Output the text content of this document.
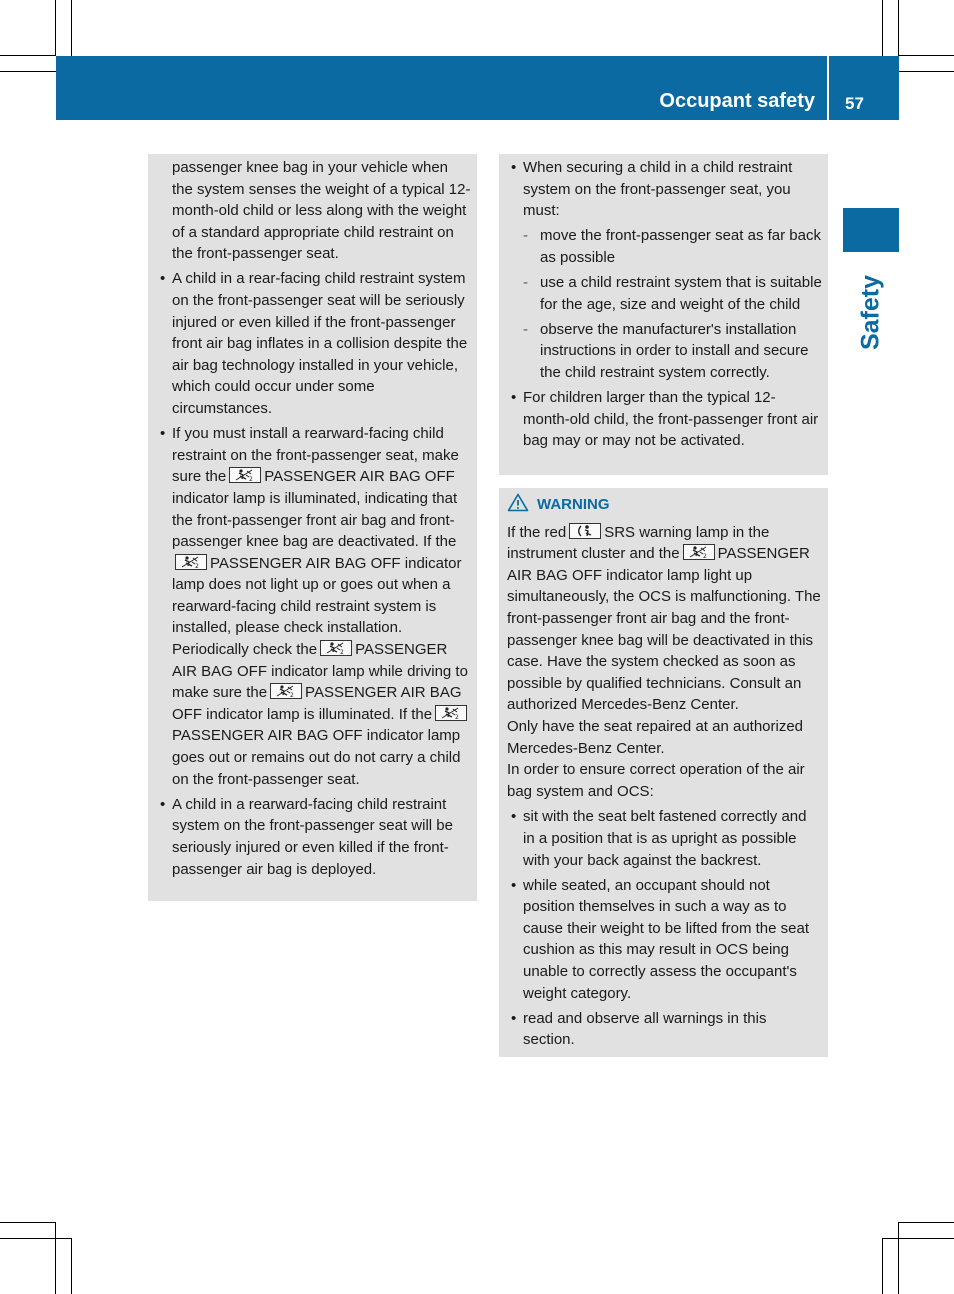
Occupant safety 57
Safety

passenger knee bag in your vehicle when the system senses the weight of a typical 12-month-old child or less along with the weight of a standard appropriate child restraint on the front-passenger seat.

• A child in a rear-facing child restraint system on the front-passenger seat will be seriously injured or even killed if the front-passenger front air bag inflates in a collision despite the air bag technology installed in your vehicle, which could occur under some circumstances.
• If you must install a rearward-facing child restraint on the front-passenger seat, make sure the	2 PASSENGER AIR BAG OFF indicator lamp is illuminated, indicating that the front-passenger front air bag and front-passenger knee bag are deactivated. If the
2 PASSENGER AIR BAG OFF indicator lamp does not light up or goes out when a rearward-facing child restraint system is installed, please check installation. Periodically check the	2 PASSENGER AIR BAG OFF indicator lamp while driving to make sure the	2 PASSENGER AIR BAG OFF indicator lamp is illuminated. If the	2
PASSENGER AIR BAG OFF indicator lamp goes out or remains out do not carry a child on the front-passenger seat.
• A child in a rearward-facing child restraint system on the front-passenger seat will be seriously injured or even killed if the front-passenger air bag is deployed.
• When securing a child in a child restraint system on the front-passenger seat, you must:
- move the front-passenger seat as far back as possible
- use a child restraint system that is suitable for the age, size and weight of the child
- observe the manufacturer's installation instructions in order to install and secure the child restraint system correctly.
• For children larger than the typical 12-month-old child, the front-passenger front air bag may or may not be activated.
WARNING

If the red	SRS warning lamp in the instrument cluster and the	2 PASSENGER AIR BAG OFF indicator lamp light up simultaneously, the OCS is malfunctioning. The front-passenger front air bag and the front-passenger knee bag will be deactivated in this case. Have the system checked as soon as possible by qualified technicians. Consult an authorized Mercedes-Benz Center.

Only have the seat repaired at an authorized Mercedes-Benz Center.

In order to ensure correct operation of the air bag system and OCS:

• sit with the seat belt fastened correctly and in a position that is as upright as possible with your back against the backrest.
• while seated, an occupant should not position themselves in such a way as to cause their weight to be lifted from the seat cushion as this may result in OCS being unable to correctly assess the occupant's weight category.
• read and observe all warnings in this section.
